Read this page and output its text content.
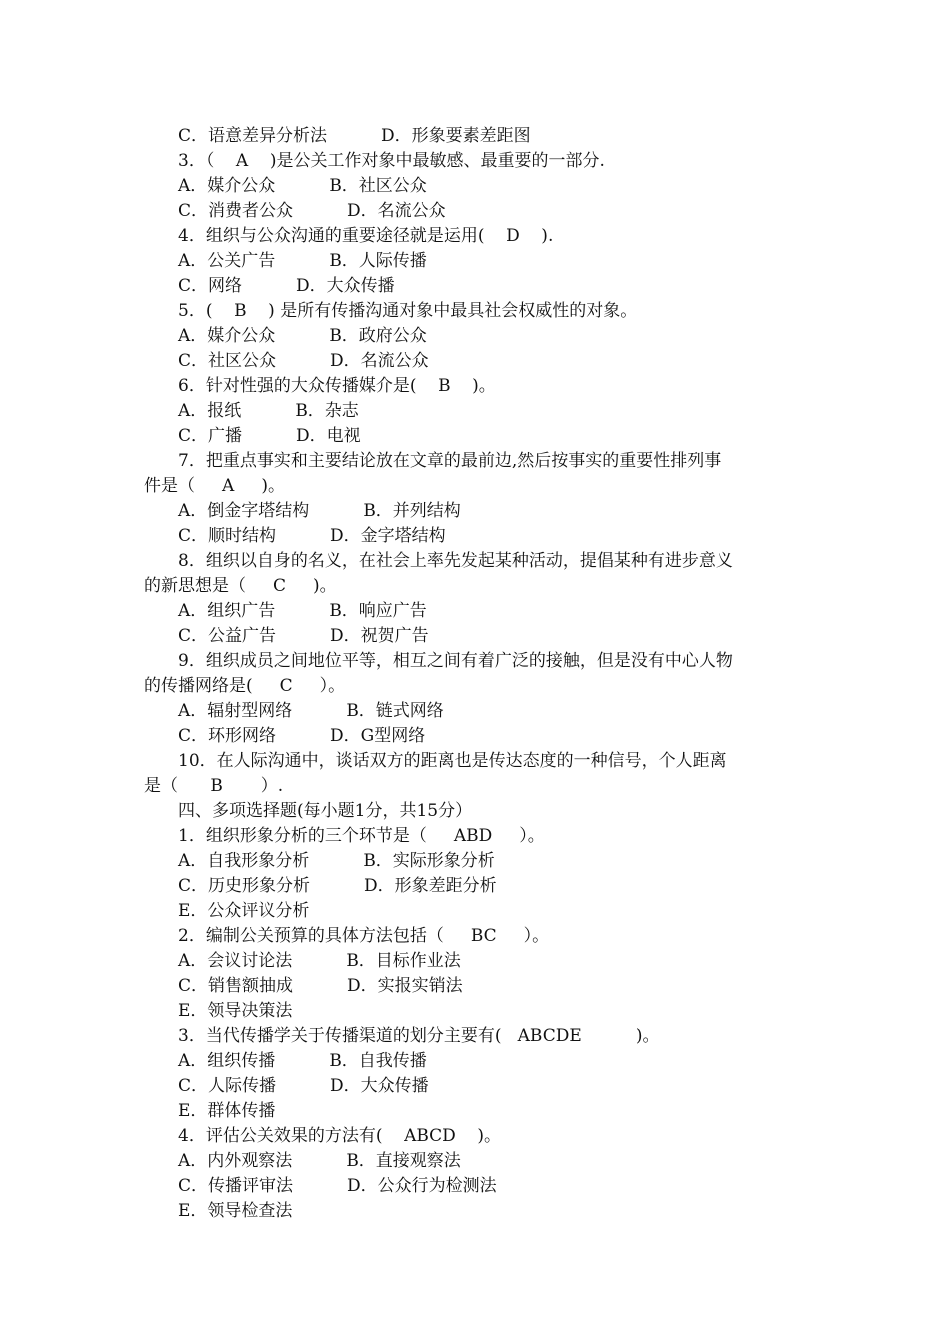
C．语意差异分析法          D．形象要素差距图
3．（    A    )是公关工作对象中最敏感、最重要的一部分.
A．媒介公众          B．社区公众
C．消费者公众          D．名流公众
4．组织与公众沟通的重要途径就是运用(    D    ).
A．公关广告          B．人际传播
C．网络          D．大众传播
5．(    B    ) 是所有传播沟通对象中最具社会权威性的对象。
A．媒介公众          B．政府公众
C．社区公众          D．名流公众
6．针对性强的大众传播媒介是(    B    )。
A．报纸          B．杂志
C．广播          D．电视
7．把重点事实和主要结论放在文章的最前边,然后按事实的重要性排列事
件是（     A     )。
A．倒金字塔结构          B．并列结构
C．顺时结构          D．金字塔结构
8．组织以自身的名义，在社会上率先发起某种活动，提倡某种有进步意义
的新思想是（     C     )。
A．组织广告          B．响应广告
C．公益广告          D．祝贺广告
9．组织成员之间地位平等，相互之间有着广泛的接触，但是没有中心人物
的传播网络是(     C     ）。
A．辐射型网络          B．链式网络
C．环形网络          D．G型网络
10．在人际沟通中，谈话双方的距离也是传达态度的一种信号，个人距离
是（      B       ）.
四、多项选择题(每小题1分，共15分）
1．组织形象分析的三个环节是（     ABD     ）。
A．自我形象分析          B．实际形象分析
C．历史形象分析          D．形象差距分析
E．公众评议分析
2．编制公关预算的具体方法包括（     BC     ）。
A．会议讨论法          B．目标作业法
C．销售额抽成          D．实报实销法
E．领导决策法
3．当代传播学关于传播渠道的划分主要有(   ABCDE          )。
A．组织传播          B．自我传播
C．人际传播          D．大众传播
E．群体传播
4．评估公关效果的方法有(    ABCD    )。
A．内外观察法          B．直接观察法
C．传播评审法          D．公众行为检测法
E．领导检查法
